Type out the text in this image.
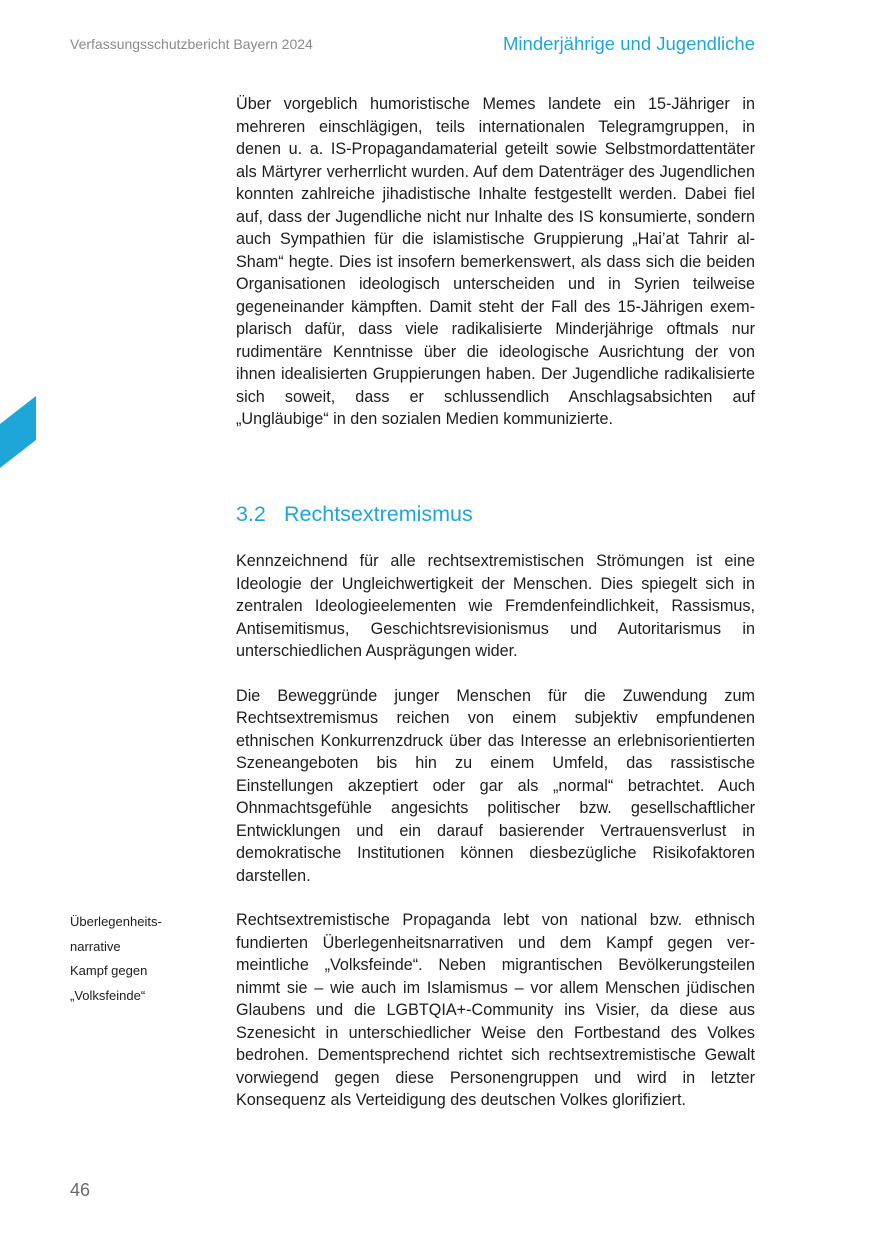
Verfassungsschutzbericht Bayern 2024	Minderjährige und Jugendliche

Über vorgeblich humoristische Memes landete ein 15-Jähriger in mehreren einschlägigen, teils internationalen Telegramgruppen, in denen u. a. IS-Propagandamaterial geteilt sowie Selbstmordattentäter als Märtyrer verherrlicht wurden. Auf dem Datenträger des Jugendlichen konnten zahlreiche jihadistische Inhalte festgestellt werden. Dabei fiel auf, dass der Jugendliche nicht nur Inhalte des IS konsumierte, sondern auch Sympathien für die islamistische Gruppierung „Hai’at Tahrir al-Sham“ hegte. Dies ist insofern bemerkenswert, als dass sich die beiden Organisationen ideologisch unterscheiden und in Syrien teilweise gegeneinander kämpften. Damit steht der Fall des 15-Jährigen exemplarisch dafür, dass viele radikalisierte Minderjährige oftmals nur rudimentäre Kenntnisse über die ideologische Ausrichtung der von ihnen idealisierten Gruppierungen haben. Der Jugendliche radikalisierte sich soweit, dass er schlussendlich Anschlagsabsichten auf „Ungläubige“ in den sozialen Medien kommunizierte.

3.2 Rechtsextremismus

Kennzeichnend für alle rechtsextremistischen Strömungen ist eine Ideologie der Ungleichwertigkeit der Menschen. Dies spiegelt sich in zentralen Ideologieelementen wie Fremdenfeindlichkeit, Rassismus, Antisemitismus, Geschichtsrevisionismus und Autoritarismus in unterschiedlichen Ausprägungen wider.

Die Beweggründe junger Menschen für die Zuwendung zum Rechtsextremismus reichen von einem subjektiv empfundenen ethnischen Konkurrenzdruck über das Interesse an erlebnisorientierten Szeneangeboten bis hin zu einem Umfeld, das rassistische Einstellungen akzeptiert oder gar als „normal“ betrachtet. Auch Ohnmachtsgefühle angesichts politischer bzw. gesellschaftlicher Entwicklungen und ein darauf basierender Vertrauensverlust in demokratische Institutionen können diesbezügliche Risikofaktoren darstellen.

Rechtsextremistische Propaganda lebt von national bzw. ethnisch fundierten Überlegenheitsnarrativen und dem Kampf gegen vermeintliche „Volksfeinde“. Neben migrantischen Bevölkerungsteilen nimmt sie – wie auch im Islamismus – vor allem Menschen jüdischen Glaubens und die LGBTQIA+-Community ins Visier, da diese aus Szenesicht in unterschiedlicher Weise den Fortbestand des Volkes bedrohen. Dementsprechend richtet sich rechtsextremistische Gewalt vorwiegend gegen diese Personengruppen und wird in letzter Konsequenz als Verteidigung des deutschen Volkes glorifiziert.

Überlegenheits-
narrative
Kampf gegen
„Volksfeinde“
46
